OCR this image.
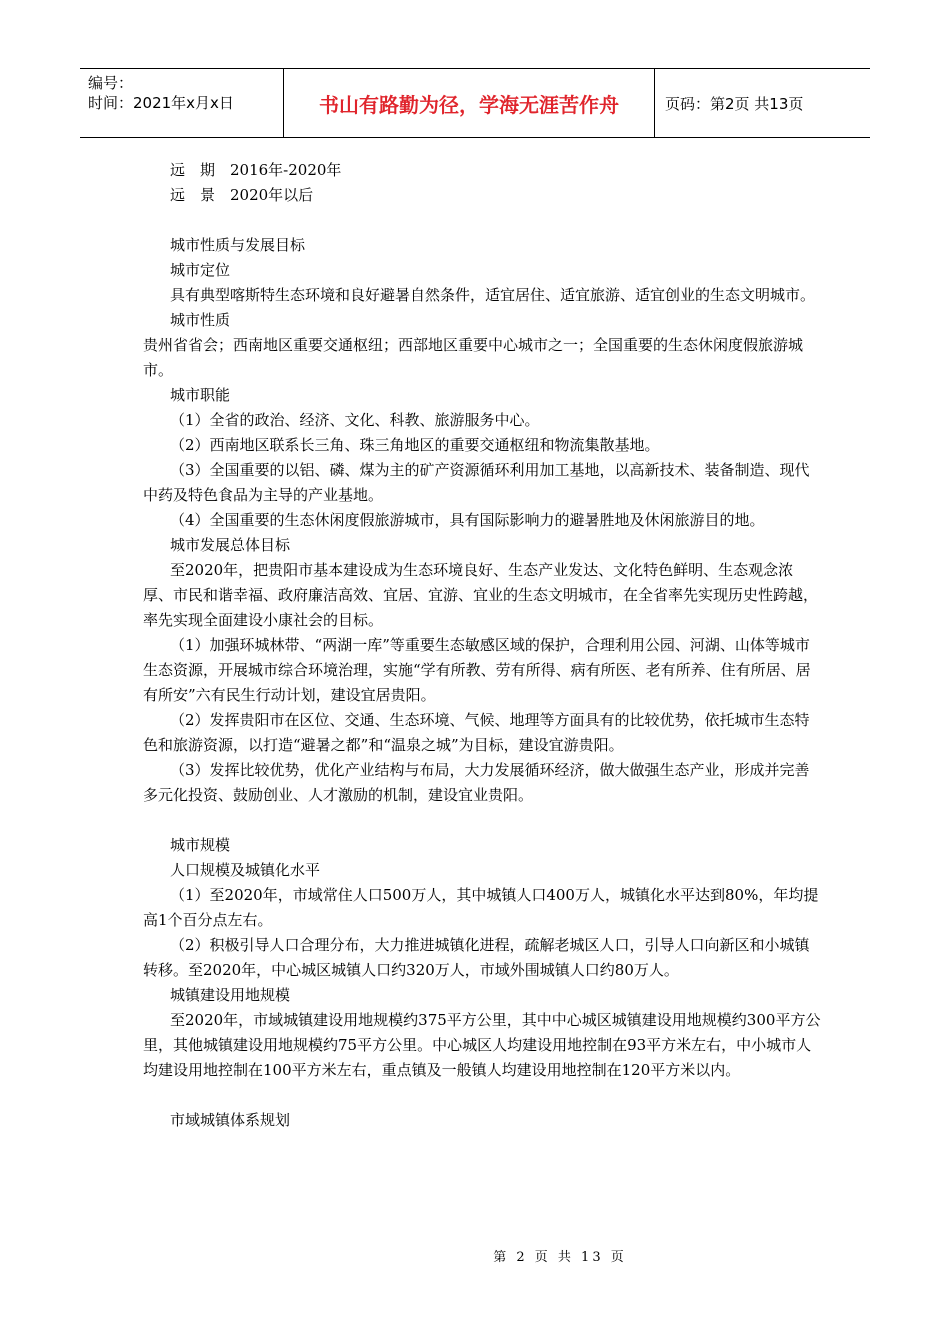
编号：
时间：2021年x月x日	书山有路勤为径，学海无涯苦作舟	页码：第2页 共13页

远　期　2016年-2020年

远　景　2020年以后

城市性质与发展目标

城市定位

具有典型喀斯特生态环境和良好避暑自然条件，适宜居住、适宜旅游、适宜创业的生态文明城市。

城市性质

贵州省省会；西南地区重要交通枢纽；西部地区重要中心城市之一；全国重要的生态休闲度假旅游城市。

城市职能

（1）全省的政治、经济、文化、科教、旅游服务中心。

（2）西南地区联系长三角、珠三角地区的重要交通枢纽和物流集散基地。

（3）全国重要的以铝、磷、煤为主的矿产资源循环利用加工基地，以高新技术、装备制造、现代中药及特色食品为主导的产业基地。

（4）全国重要的生态休闲度假旅游城市，具有国际影响力的避暑胜地及休闲旅游目的地。

城市发展总体目标

至2020年，把贵阳市基本建设成为生态环境良好、生态产业发达、文化特色鲜明、生态观念浓厚、市民和谐幸福、政府廉洁高效、宜居、宜游、宜业的生态文明城市，在全省率先实现历史性跨越，率先实现全面建设小康社会的目标。

（1）加强环城林带、“两湖一库”等重要生态敏感区域的保护，合理利用公园、河湖、山体等城市生态资源，开展城市综合环境治理，实施“学有所教、劳有所得、病有所医、老有所养、住有所居、居有所安”六有民生行动计划，建设宜居贵阳。

（2）发挥贵阳市在区位、交通、生态环境、气候、地理等方面具有的比较优势，依托城市生态特色和旅游资源，以打造“避暑之都”和“温泉之城”为目标，建设宜游贵阳。

（3）发挥比较优势，优化产业结构与布局，大力发展循环经济，做大做强生态产业，形成并完善多元化投资、鼓励创业、人才激励的机制，建设宜业贵阳。

城市规模

人口规模及城镇化水平

（1）至2020年，市域常住人口500万人，其中城镇人口400万人，城镇化水平达到80%，年均提高1个百分点左右。

（2）积极引导人口合理分布，大力推进城镇化进程，疏解老城区人口，引导人口向新区和小城镇转移。至2020年，中心城区城镇人口约320万人，市域外围城镇人口约80万人。

城镇建设用地规模

至2020年，市域城镇建设用地规模约375平方公里，其中中心城区城镇建设用地规模约300平方公里，其他城镇建设用地规模约75平方公里。中心城区人均建设用地控制在93平方米左右，中小城市人均建设用地控制在100平方米左右，重点镇及一般镇人均建设用地控制在120平方米以内。

市域城镇体系规划

第 2 页 共 13 页
